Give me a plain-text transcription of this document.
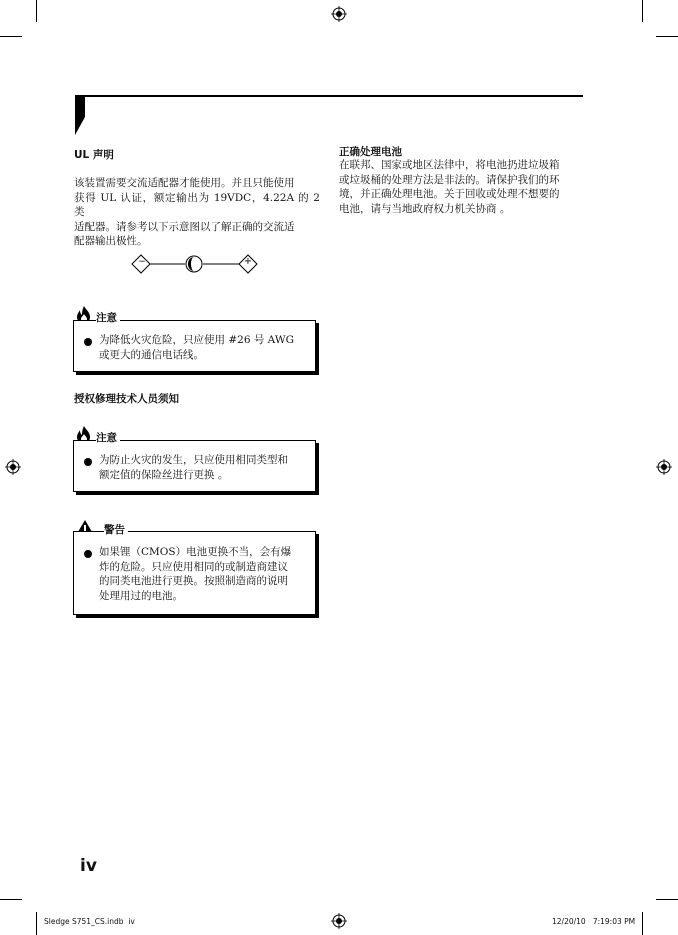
UL 声明
该装置需要交流适配器才能使用。并且只能使用
获得 UL 认证，额定输出为 19VDC，4.22A 的 2 类
适配器。请参考以下示意图以了解正确的交流适
配器输出极性。
−	+
注意
为降低火灾危险，只应使用 #26 号 AWG
或更大的通信电话线。
授权修理技术人员须知
注意
为防止火灾的发生，只应使用相同类型和
额定值的保险丝进行更换 。
警告
如果锂（CMOS）电池更换不当，会有爆
炸的危险。只应使用相同的或制造商建议
的同类电池进行更换。按照制造商的说明
处理用过的电池。
正确处理电池
在联邦、国家或地区法律中，将电池扔进垃圾箱
或垃圾桶的处理方法是非法的。请保护我们的环
境，并正确处理电池。关于回收或处理不想要的
电池，请与当地政府权力机关协商 。
iv
Sledge S751_CS.indb iv	12/20/10 7:19:03 PM
